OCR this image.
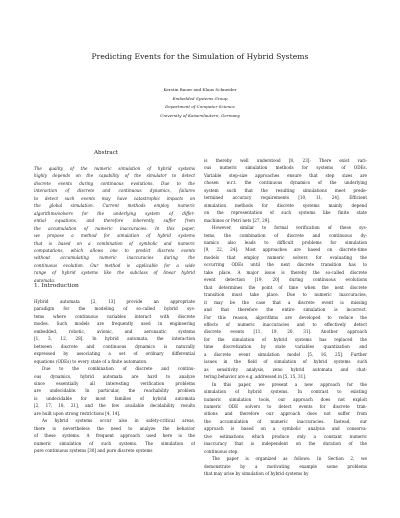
Predicting Events for the Simulation of Hybrid Systems
Kerstin Bauer and Klaus Schneider
Embedded Systems Group
Department of Computer Science
University of Kaiserslautern, Germany
Abstract
The quality of the numeric simulation of hybrid systems
highly depends on the capability of the simulator to detect
discrete events during continuous evolutions. Due to the
interaction of discrete and continuous dynamics, failures
to detect such events may have catastrophic impacts on
the global simulation. Current methods employ numeric
algorithms/solvers for the underlying system of differ-
ential equations, and therefore inherently suffer from
the accumulation of numeric inaccuracies. In this paper,
we propose a method for simulation of hybrid systems
that is based on a combination of symbolic and numeric
computations, which allows one to predict discrete events
without accumulating numeric inaccuracies during the
continuous evolution. Our method is applicable for a wide
range of hybrid systems like the subclass of linear hybrid
automata.
1. Introduction
Hybrid automata [2, 13] provide an appropriate
paradigm for the modeling of so-called hybrid sys-
tems where continuous variables interact with discrete
modes. Such models are frequently used in engineering
embedded, robotic, avionic, and aeronautic systems
[1, 3, 12, 28]. In hybrid automata, the interaction
between discrete and continuous dynamics is naturally
expressed by associating a set of ordinary differential
equations (ODEs) to every state of a finite automaton.
Due to the combination of discrete and continu-
ous dynamics, hybrid automata are hard to analyze
since essentially all interesting verification problems
are undecidable. In particular, the reachability problem
is undecidable for most families of hybrid automata
[2, 17, 18, 21], and the few available decidability results
are built upon strong restrictions [4, 14].
As hybrid systems occur also in safety-critical areas,
there is nevertheless the need to analyze the behavior
of these systems. A frequent approach used here is the
numeric simulation of such systems. The simulation of
pure continuous systems [30] and pure discrete systems
is thereby well understood [8, 23]: There exist vari-
ous numeric simulation methods for systems of ODEs.
Variable step-size approaches ensure that step sizes are
chosen w.r.t. the continuous dynamics of the underlying
system such that the resulting simulations meet prede-
termined accuracy requirements [10, 11, 24]. Efficient
simulation methods for discrete systems mainly depend
on the representation of such systems like finite state
machines or Petri nets [27, 29].
However, similar to formal verification of these sys-
tems, the combination of discrete and continuous dy-
namics also leads to difficult problems for simulation
[9, 22, 24]. Most approaches are based on discrete-time
models that employ numeric solvers for evaluating the
occurring ODEs until the next discrete transition has to
take place. A major issue is thereby the so-called discrete
event detection [19, 20] during continuous evolutions
that determines the point of time when the next discrete
transition must take place. Due to numeric inaccuracies,
it may be the case that a discrete event is missing
and that therefore the entire simulation is incorrect.
For this reason, algorithms are developed to reduce the
effects of numeric inaccuracies and to effectively detect
discrete events [11, 19, 20, 31]. Another approach
for the simulation of hybrid systems has replaced the
time discretization by state variables quantization and
a discrete event simulation model [5, 16, 25]. Further
issues in the field of simulation of hybrid systems such
as sensitivity analysis, zeno hybrid automata and chat-
tering behavior are e.g. addressed in [5, 15, 31].
In this paper, we present a new approach for the
simulation of hybrid systems. In contrast to existing
numeric simulation tools, our approach does not exploit
numeric ODE solvers to detect events for discrete tran-
sitions and therefore our approach does not suffer from
the accumulation of numeric inaccuracies. Instead, our
approach is based on a symbolic analysis and conserva-
tive estimations which produce only a constant numeric
inaccuracy that is independent on the duration of the
continuous step.
The paper is organized as follows: In Section 2, we
demonstrate by a motivating example some problems
that may arise by simulation of hybrid systems by
